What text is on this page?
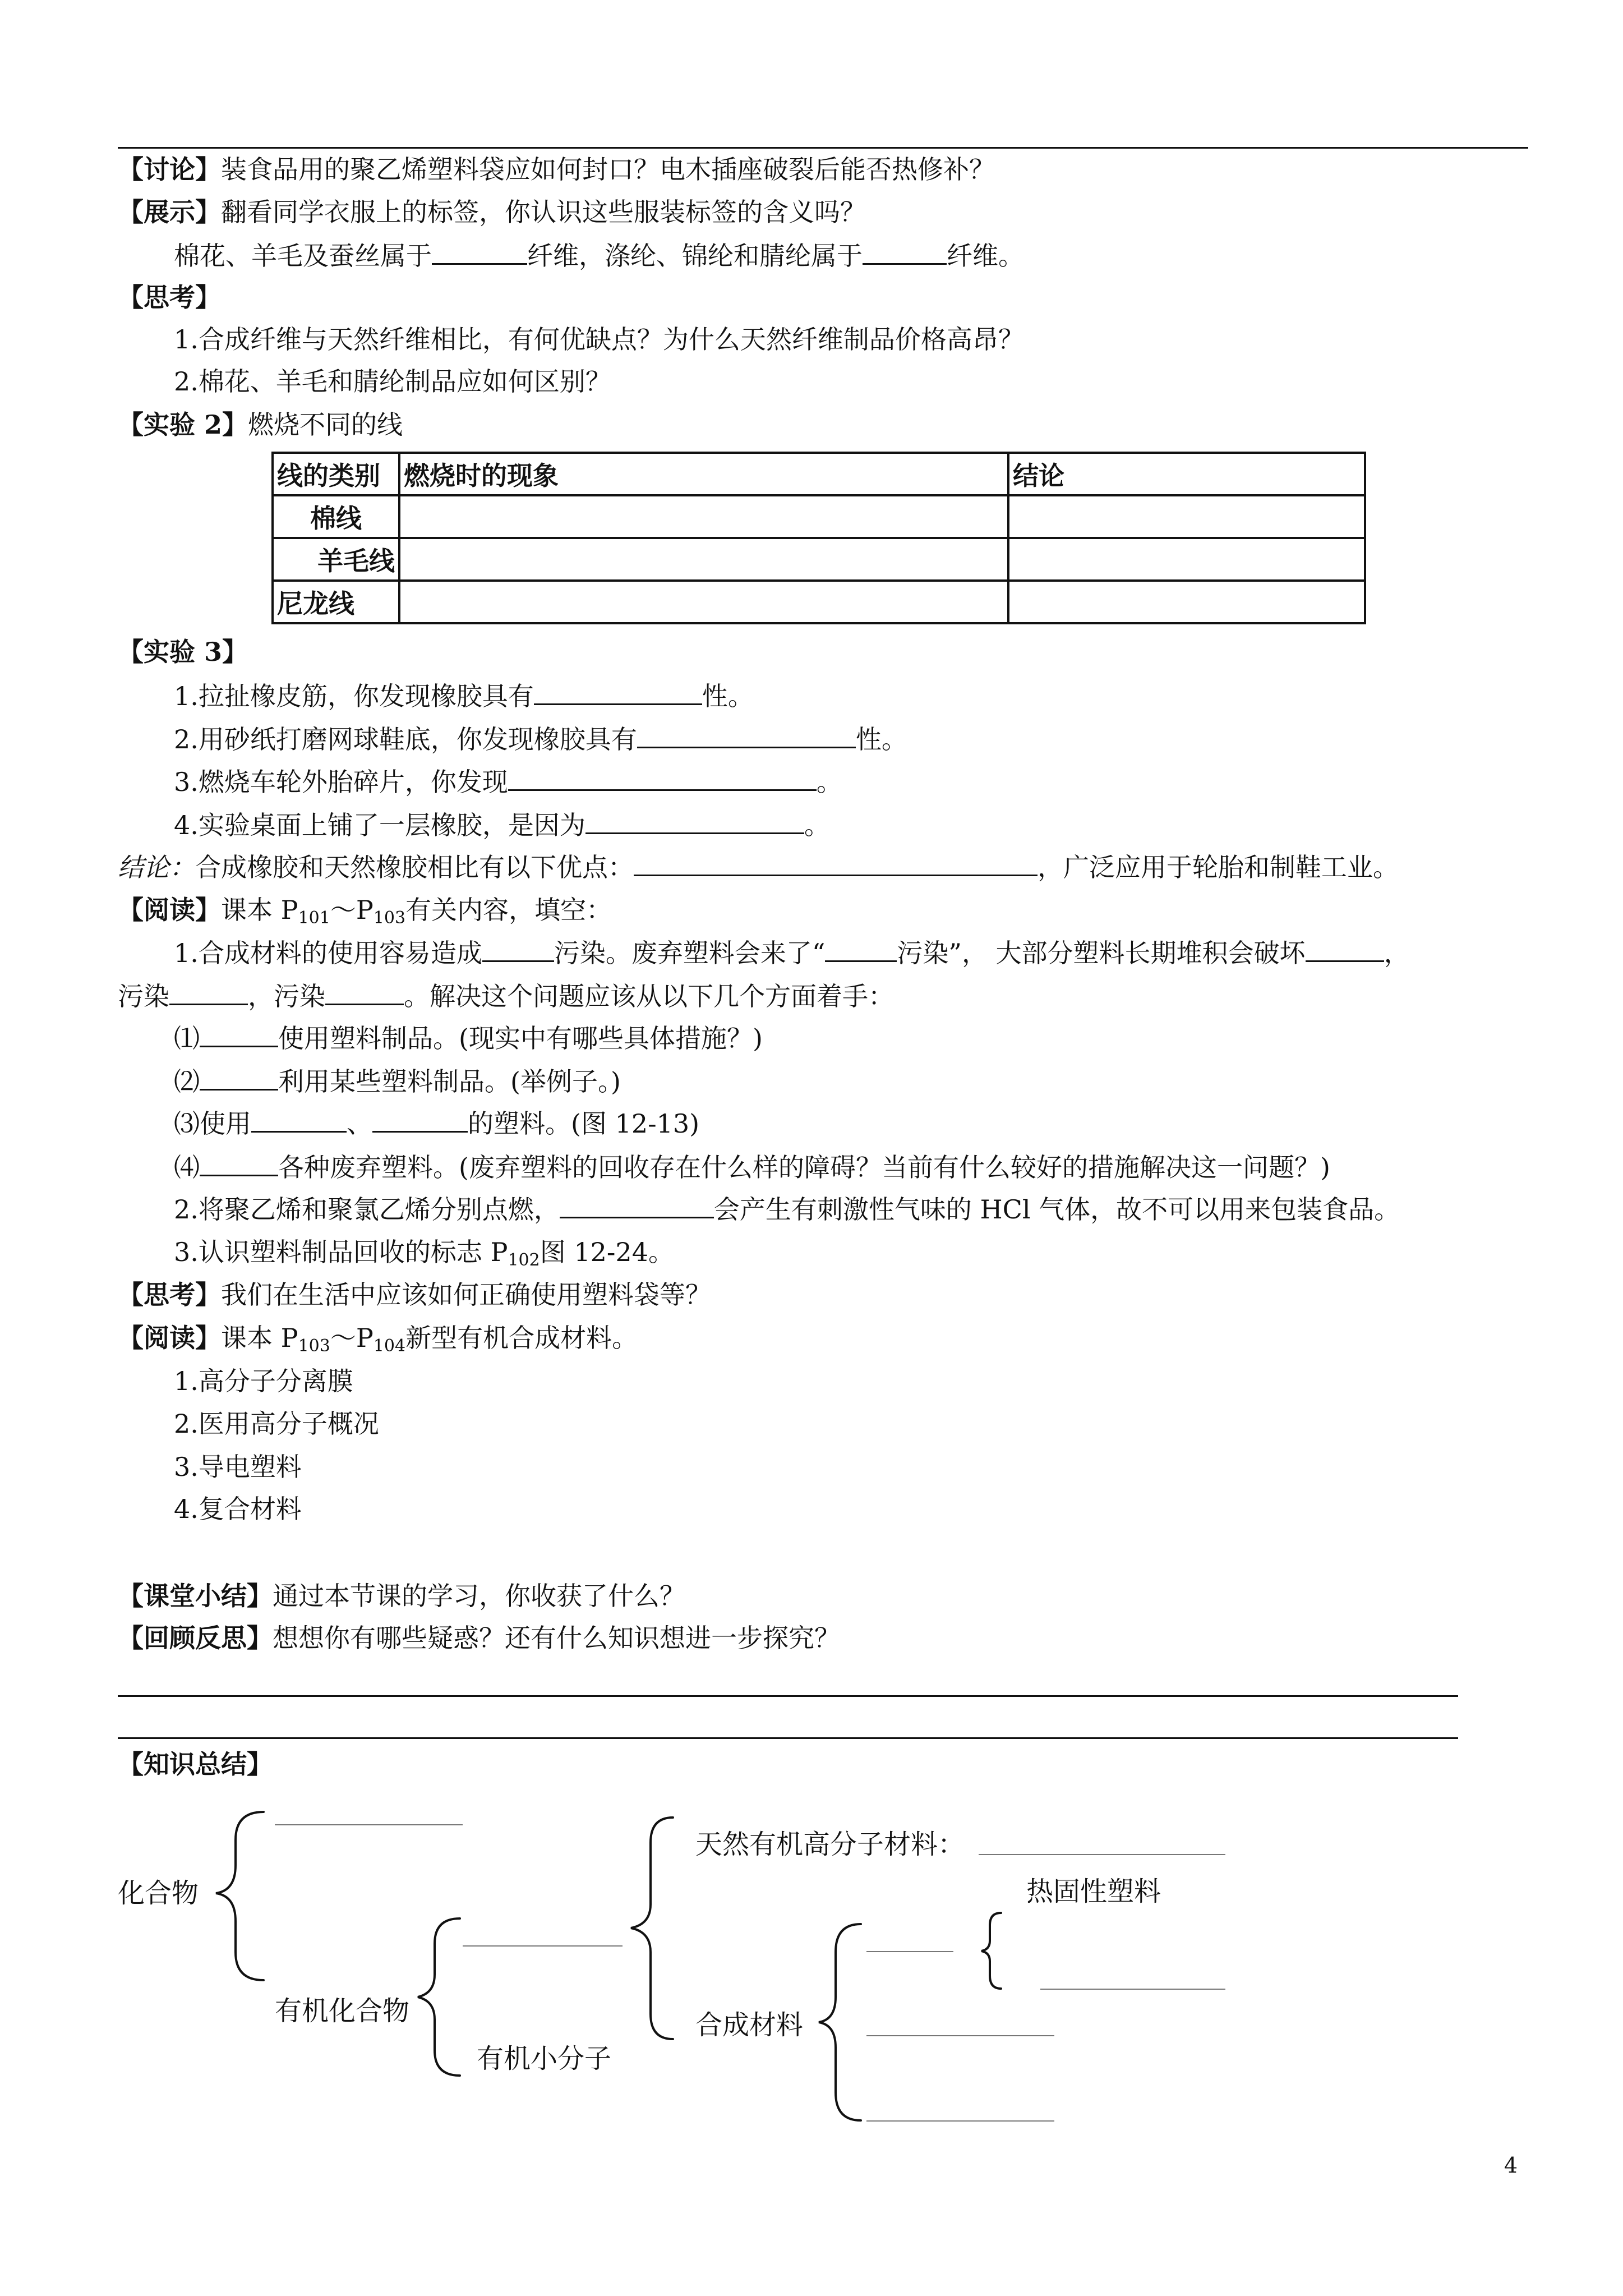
【讨论】装食品用的聚乙烯塑料袋应如何封口？电木插座破裂后能否热修补？
【展示】翻看同学衣服上的标签，你认识这些服装标签的含义吗？
棉花、羊毛及蚕丝属于	纤维，涤纶、锦纶和腈纶属于	纤维。
【思考】
1.合成纤维与天然纤维相比，有何优缺点？为什么天然纤维制品价格高昂？
2.棉花、羊毛和腈纶制品应如何区别？
【实验 2】燃烧不同的线
线的类别	燃烧时的现象	结论
棉线		
羊毛线		
尼龙线		
【实验 3】
1.拉扯橡皮筋，你发现橡胶具有	性。
2.用砂纸打磨网球鞋底，你发现橡胶具有	性。
3.燃烧车轮外胎碎片，你发现	。
4.实验桌面上铺了一层橡胶，是因为	。
结论：合成橡胶和天然橡胶相比有以下优点：	，广泛应用于轮胎和制鞋工业。
【阅读】课本 $P_{101}\sim P_{103}$有关内容，填空：
1.合成材料的使用容易造成	污染。废弃塑料会来了“	污染”， 大部分塑料长期堆积会破坏	，
污染	，污染	。解决这个问题应该从以下几个方面着手：
⑴	使用塑料制品。(现实中有哪些具体措施？)
⑵	利用某些塑料制品。(举例子。)
⑶使用	、	的塑料。(图 12-13)
⑷	各种废弃塑料。(废弃塑料的回收存在什么样的障碍？当前有什么较好的措施解决这一问题？)
2.将聚乙烯和聚氯乙烯分别点燃，	会产生有刺激性气味的 HCl 气体，故不可以用来包装食品。
3.认识塑料制品回收的标志 $P_{102}$图 12-24。
【思考】我们在生活中应该如何正确使用塑料袋等？
【阅读】课本 $P_{103}\sim P_{104}$新型有机合成材料。
1.高分子分离膜
2.医用高分子概况
3.导电塑料
4.复合材料
【课堂小结】通过本节课的学习，你收获了什么？
【回顾反思】想想你有哪些疑惑？还有什么知识想进一步探究？
【知识总结】
化合物
有机化合物
有机小分子
天然有机高分子材料：
合成材料
热固性塑料
4
